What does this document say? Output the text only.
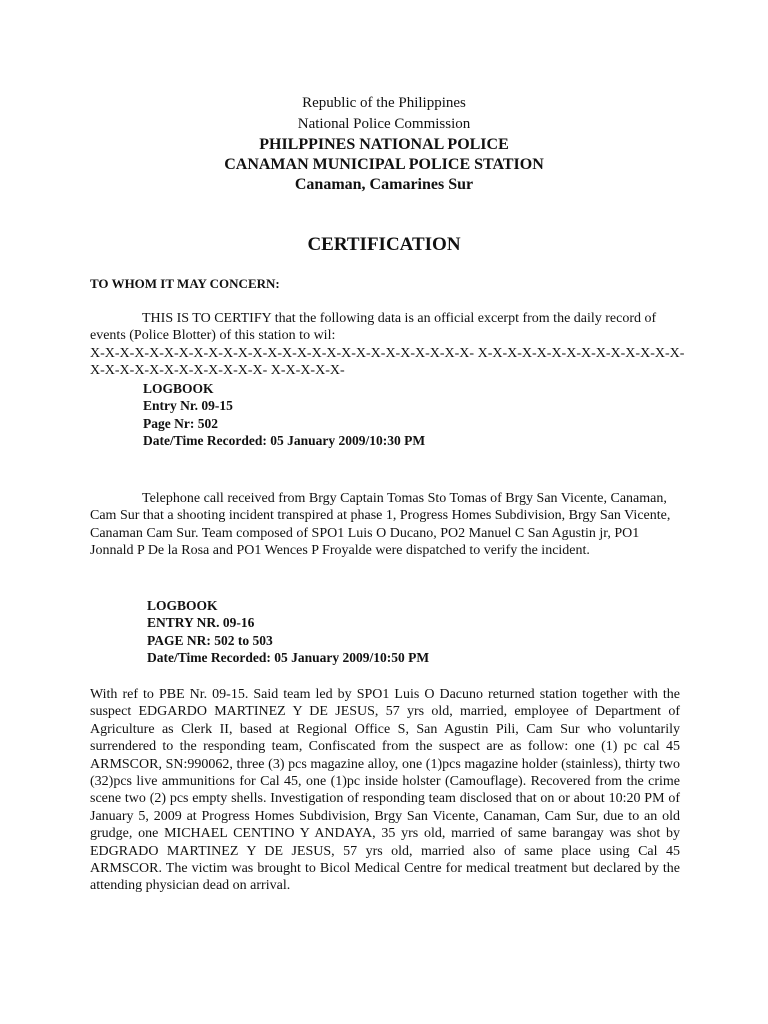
Republic of the Philippines
National Police Commission
PHILPPINES NATIONAL POLICE
CANAMAN MUNICIPAL POLICE STATION
Canaman, Camarines Sur
CERTIFICATION
TO WHOM IT MAY CONCERN:
THIS IS TO CERTIFY that the following data is an official excerpt from the daily record of events (Police Blotter) of this station to wil:
X-X-X-X-X-X-X-X-X-X-X-X-X-X-X-X-X-X-X-X-X-X-X-X-X-X- X-X-X-X-X-X-X-X-X-X-X-X-X-X-
X-X-X-X-X-X-X-X-X-X-X-X- X-X-X-X-X-
LOGBOOK
Entry Nr. 09-15
Page Nr: 502
Date/Time Recorded: 05 January 2009/10:30 PM
Telephone call received from Brgy Captain Tomas Sto Tomas of Brgy San Vicente, Canaman, Cam Sur that a shooting incident transpired at phase 1, Progress Homes Subdivision, Brgy San Vicente, Canaman Cam Sur. Team composed of SPO1 Luis O Ducano, PO2 Manuel C San Agustin jr, PO1 Jonnald P De la Rosa and PO1 Wences P Froyalde were dispatched to verify the incident.
LOGBOOK
ENTRY NR. 09-16
PAGE NR: 502 to 503
Date/Time Recorded: 05 January 2009/10:50 PM
With ref to PBE Nr. 09-15. Said team led by SPO1 Luis O Dacuno returned station together with the suspect EDGARDO MARTINEZ Y DE JESUS, 57 yrs old, married, employee of Department of Agriculture as Clerk II, based at Regional Office S, San Agustin Pili, Cam Sur who voluntarily surrendered to the responding team, Confiscated from the suspect are as follow: one (1) pc cal 45 ARMSCOR, SN:990062, three (3) pcs magazine alloy, one (1)pcs magazine holder (stainless), thirty two (32)pcs live ammunitions for Cal 45, one (1)pc inside holster (Camouflage). Recovered from the crime scene two (2) pcs empty shells. Investigation of responding team disclosed that on or about 10:20 PM of January 5, 2009 at Progress Homes Subdivision, Brgy San Vicente, Canaman, Cam Sur, due to an old grudge, one MICHAEL CENTINO Y ANDAYA, 35 yrs old, married of same barangay was shot by EDGRADO MARTINEZ Y DE JESUS, 57 yrs old, married also of same place using Cal 45 ARMSCOR. The victim was brought to Bicol Medical Centre for medical treatment but declared by the attending physician dead on arrival.
